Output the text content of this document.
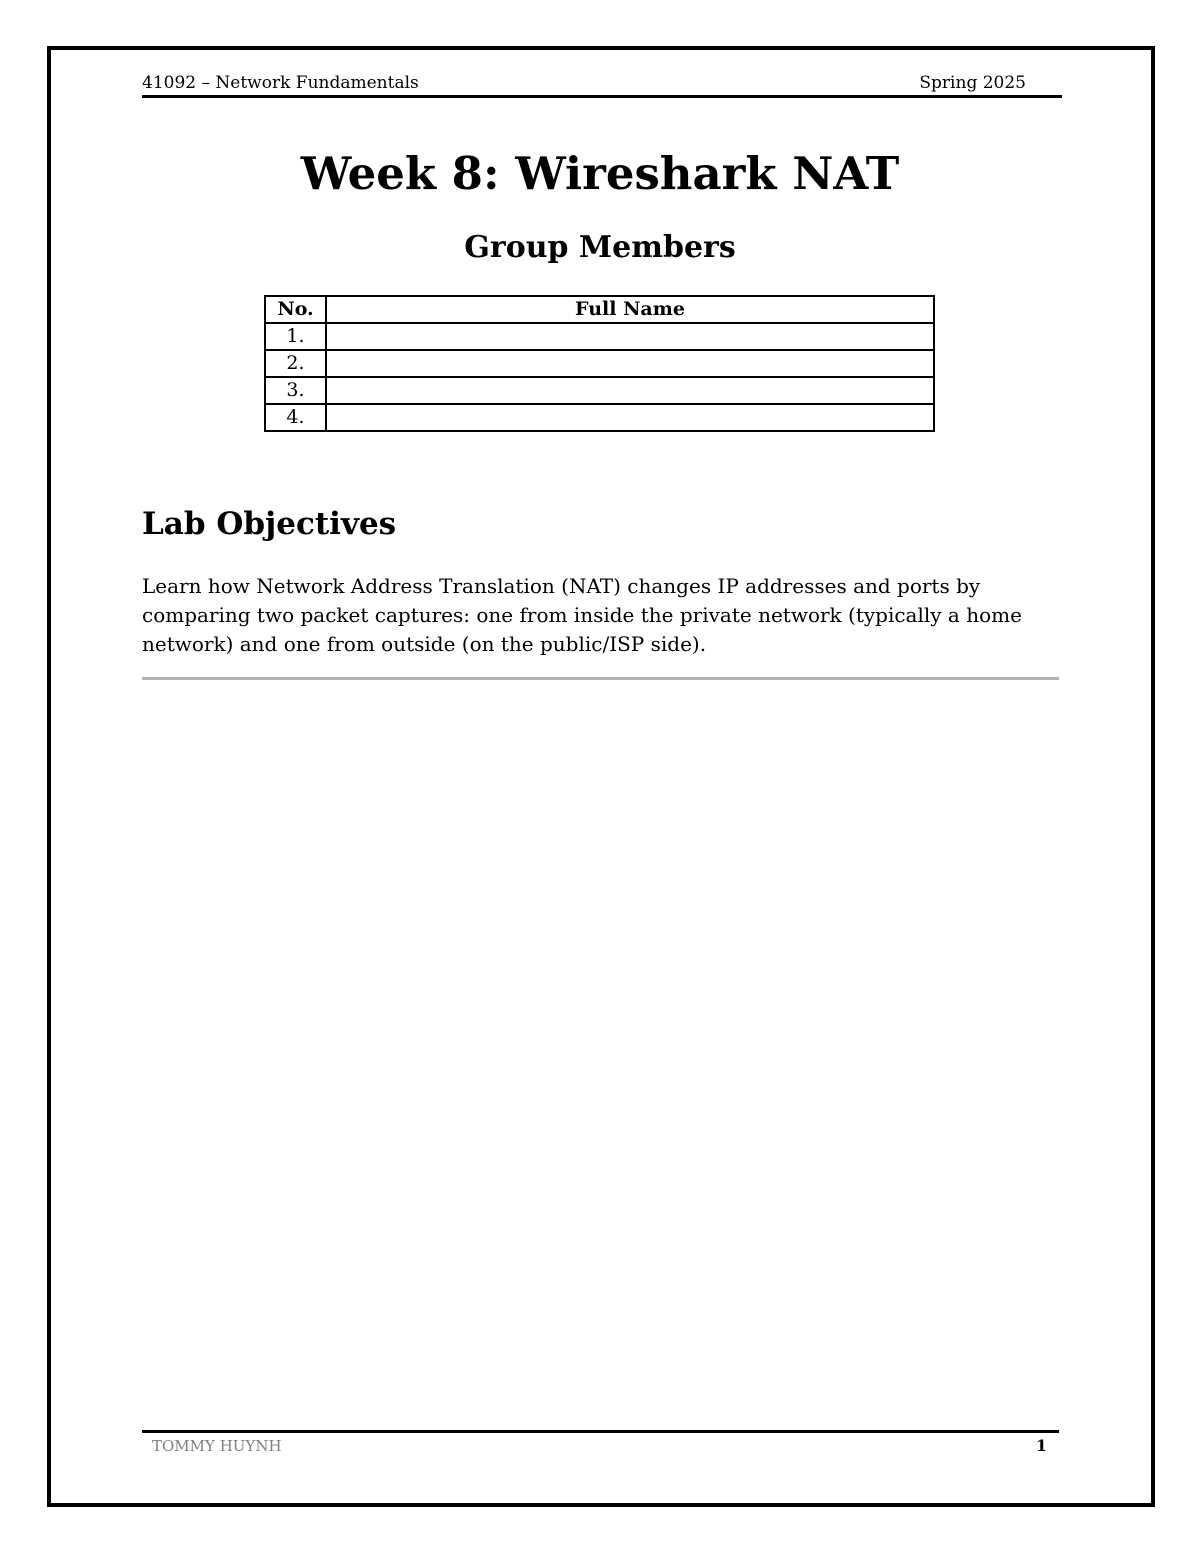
41092 – Network Fundamentals	Spring 2025
Week 8: Wireshark NAT
Group Members
No.	Full Name
1.	
2.	
3.	
4.	
Lab Objectives
Learn how Network Address Translation (NAT) changes IP addresses and ports by comparing two packet captures: one from inside the private network (typically a home network) and one from outside (on the public/ISP side).
TOMMY HUYNH	1
